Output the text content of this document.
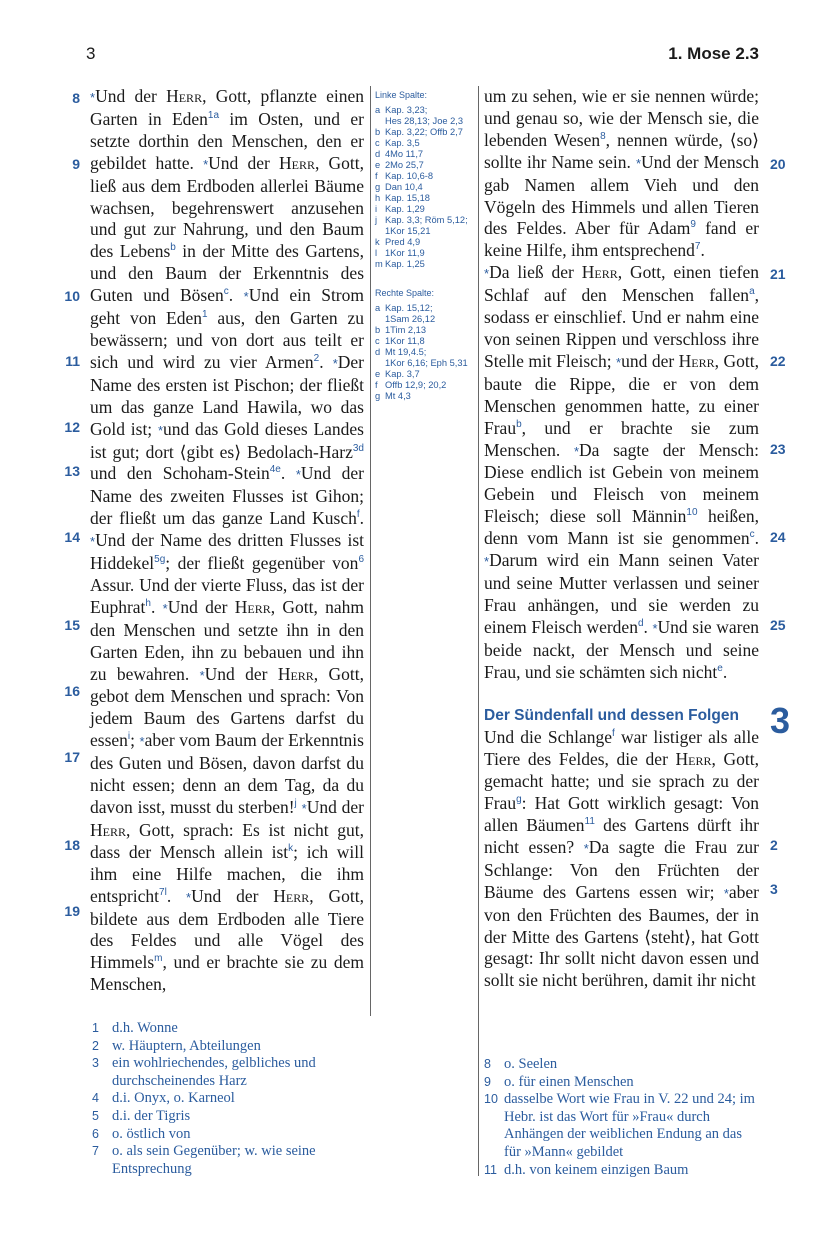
3	1. Mose 2.3
8
9
10
11
12
13
14
15
16
17
18
19

*Und der Herr, Gott, pflanzte einen Garten in Eden$^{1a}$ im Osten, und er setzte dorthin den Menschen, den er gebildet hatte. *Und der Herr, Gott, ließ aus dem Erdboden allerlei Bäume wachsen, begehrenswert anzusehen und gut zur Nahrung, und den Baum des Lebens$^b$ in der Mitte des Gartens, und den Baum der Erkenntnis des Guten und Bösen$^c$. *Und ein Strom geht von Eden$^1$ aus, den Garten zu bewässern; und von dort aus teilt er sich und wird zu vier Armen$^2$. *Der Name des ersten ist Pischon; der fließt um das ganze Land Hawila, wo das Gold ist; *und das Gold dieses Landes ist gut; dort ⟨gibt es⟩ Bedolach-Harz$^{3d}$ und den Schoham-Stein$^{4e}$. *Und der Name des zweiten Flusses ist Gihon; der fließt um das ganze Land Kusch$^f$. *Und der Name des dritten Flusses ist Hiddekel$^{5g}$; der fließt gegenüber von$^6$ Assur. Und der vierte Fluss, das ist der Euphrat$^h$. *Und der Herr, Gott, nahm den Menschen und setzte ihn in den Garten Eden, ihn zu bebauen und ihn zu bewahren. *Und der Herr, Gott, gebot dem Menschen und sprach: Von jedem Baum des Gartens darfst du essen$^i$; *aber vom Baum der Erkenntnis des Guten und Bösen, davon darfst du nicht essen; denn an dem Tag, da du davon isst, musst du sterben!$^j$ *Und der Herr, Gott, sprach: Es ist nicht gut, dass der Mensch allein ist$^k$; ich will ihm eine Hilfe machen, die ihm entspricht$^{7l}$. *Und der Herr, Gott, bildete aus dem Erdboden alle Tiere des Feldes und alle Vögel des Himmels$^m$, und er brachte sie zu dem Menschen,

Linke Spalte:
a Kap. 3,23;
Hes 28,13; Joe 2,3
b Kap. 3,22; Offb 2,7
c Kap. 3,5
d 4Mo 11,7
e 2Mo 25,7
f Kap. 10,6-8
g Dan 10,4
h Kap. 15,18
i Kap. 1,29
j Kap. 3,3; Röm 5,12;
1Kor 15,21
k Pred 4,9
l 1Kor 11,9
m Kap. 1,25
Rechte Spalte:
a Kap. 15,12;
1Sam 26,12
b 1Tim 2,13
c 1Kor 11,8
d Mt 19,4.5;
1Kor 6,16; Eph 5,31
e Kap. 3,7
f Offb 12,9; 20,2
g Mt 4,3
20
21
22
23
24
25
2
3

um zu sehen, wie er sie nennen würde; und genau so, wie der Mensch sie, die lebenden Wesen$^8$, nennen würde, ⟨so⟩ sollte ihr Name sein. *Und der Mensch gab Namen allem Vieh und den Vögeln des Himmels und allen Tieren des Feldes. Aber für Adam$^9$ fand er keine Hilfe, ihm entsprechend$^7$.

*Da ließ der Herr, Gott, einen tiefen Schlaf auf den Menschen fallen$^a$, sodass er einschlief. Und er nahm eine von seinen Rippen und verschloss ihre Stelle mit Fleisch; *und der Herr, Gott, baute die Rippe, die er von dem Menschen genommen hatte, zu einer Frau$^b$, und er brachte sie zum Menschen. *Da sagte der Mensch: Diese endlich ist Gebein von meinem Gebein und Fleisch von meinem Fleisch; diese soll Männin$^{10}$ heißen, denn vom Mann ist sie genommen$^c$. *Darum wird ein Mann seinen Vater und seine Mutter verlassen und seiner Frau anhängen, und sie werden zu einem Fleisch werden$^d$. *Und sie waren beide nackt, der Mensch und seine Frau, und sie schämten sich nicht$^e$.

Der Sündenfall und dessen Folgen

Und die Schlange$^f$ war listiger als alle Tiere des Feldes, die der Herr, Gott, gemacht hatte; und sie sprach zu der Frau$^g$: Hat Gott wirklich gesagt: Von allen Bäumen$^{11}$ des Gartens dürft ihr nicht essen? *Da sagte die Frau zur Schlange: Von den Früchten der Bäume des Gartens essen wir; *aber von den Früchten des Baumes, der in der Mitte des Gartens ⟨steht⟩, hat Gott gesagt: Ihr sollt nicht davon essen und sollt sie nicht berühren, damit ihr nicht

3
1 d.h. Wonne
2 w. Häuptern, Abteilungen
3 ein wohlriechendes, gelbliches und durchscheinendes Harz
4 d.i. Onyx, o. Karneol
5 d.i. der Tigris
6 o. östlich von
7 o. als sein Gegenüber; w. wie seine Entsprechung
8 o. Seelen
9 o. für einen Menschen
10 dasselbe Wort wie Frau in V. 22 und 24; im Hebr. ist das Wort für »Frau« durch Anhängen der weiblichen Endung an das für »Mann« gebildet
11 d.h. von keinem einzigen Baum
